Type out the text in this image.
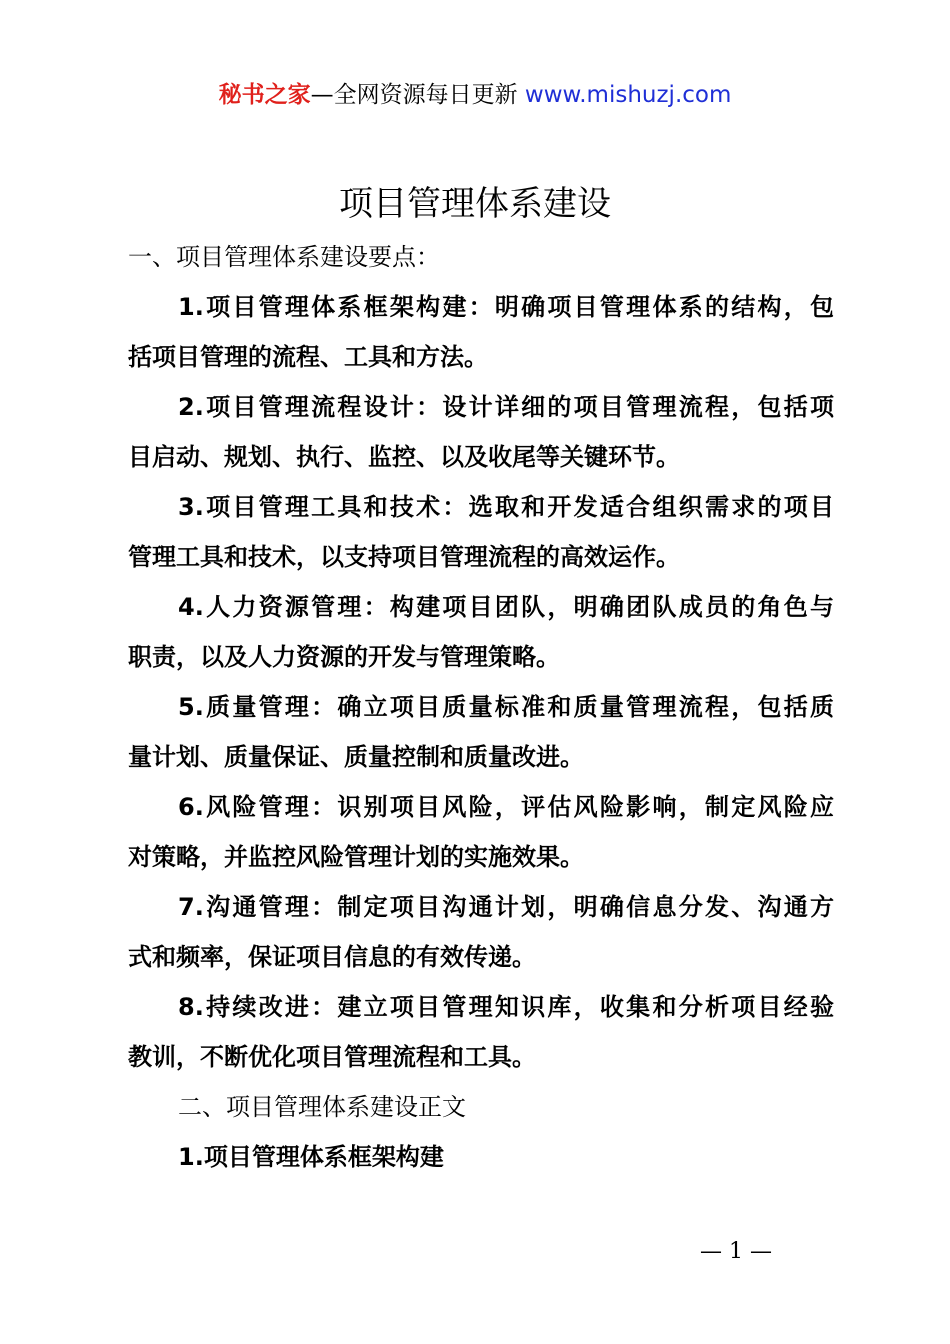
秘书之家—全网资源每日更新 www.mishuzj.com
项目管理体系建设
一、项目管理体系建设要点：
1.项目管理体系框架构建：明确项目管理体系的结构，包
括项目管理的流程、工具和方法。
2.项目管理流程设计：设计详细的项目管理流程，包括项
目启动、规划、执行、监控、以及收尾等关键环节。
3.项目管理工具和技术：选取和开发适合组织需求的项目
管理工具和技术，以支持项目管理流程的高效运作。
4.人力资源管理：构建项目团队，明确团队成员的角色与
职责，以及人力资源的开发与管理策略。
5.质量管理：确立项目质量标准和质量管理流程，包括质
量计划、质量保证、质量控制和质量改进。
6.风险管理：识别项目风险，评估风险影响，制定风险应
对策略，并监控风险管理计划的实施效果。
7.沟通管理：制定项目沟通计划，明确信息分发、沟通方
式和频率，保证项目信息的有效传递。
8.持续改进：建立项目管理知识库，收集和分析项目经验
教训，不断优化项目管理流程和工具。
二、项目管理体系建设正文
1.项目管理体系框架构建
— 1 —
